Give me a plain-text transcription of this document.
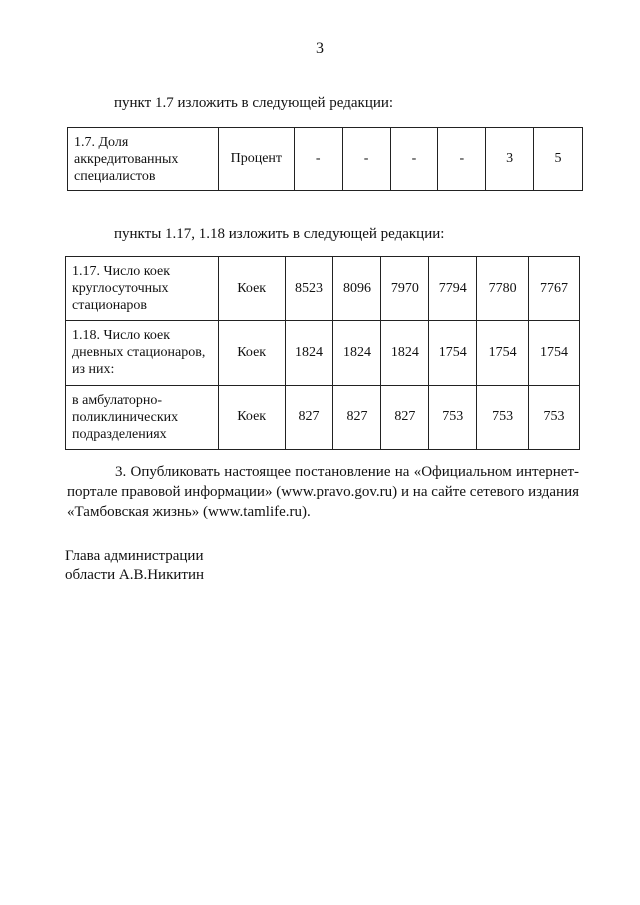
3
пункт 1.7 изложить в следующей редакции:
1.7. Доля
аккредитованных
специалистов	Процент	-	-	-	-	3	5
пункты 1.17, 1.18 изложить в следующей редакции:
1.17. Число коек
круглосуточных
стационаров	Коек	8523	8096	7970	7794	7780	7767
1.18. Число коек
дневных стационаров,
из них:	Коек	1824	1824	1824	1754	1754	1754
в амбулаторно-
поликлинических
подразделениях	Коек	827	827	827	753	753	753
3. Опубликовать настоящее постановление на «Официальном интернет-портале правовой информации» (www.pravo.gov.ru) и на сайте сетевого издания «Тамбовская жизнь» (www.tamlife.ru).
Глава администрации
области А.В.Никитин
